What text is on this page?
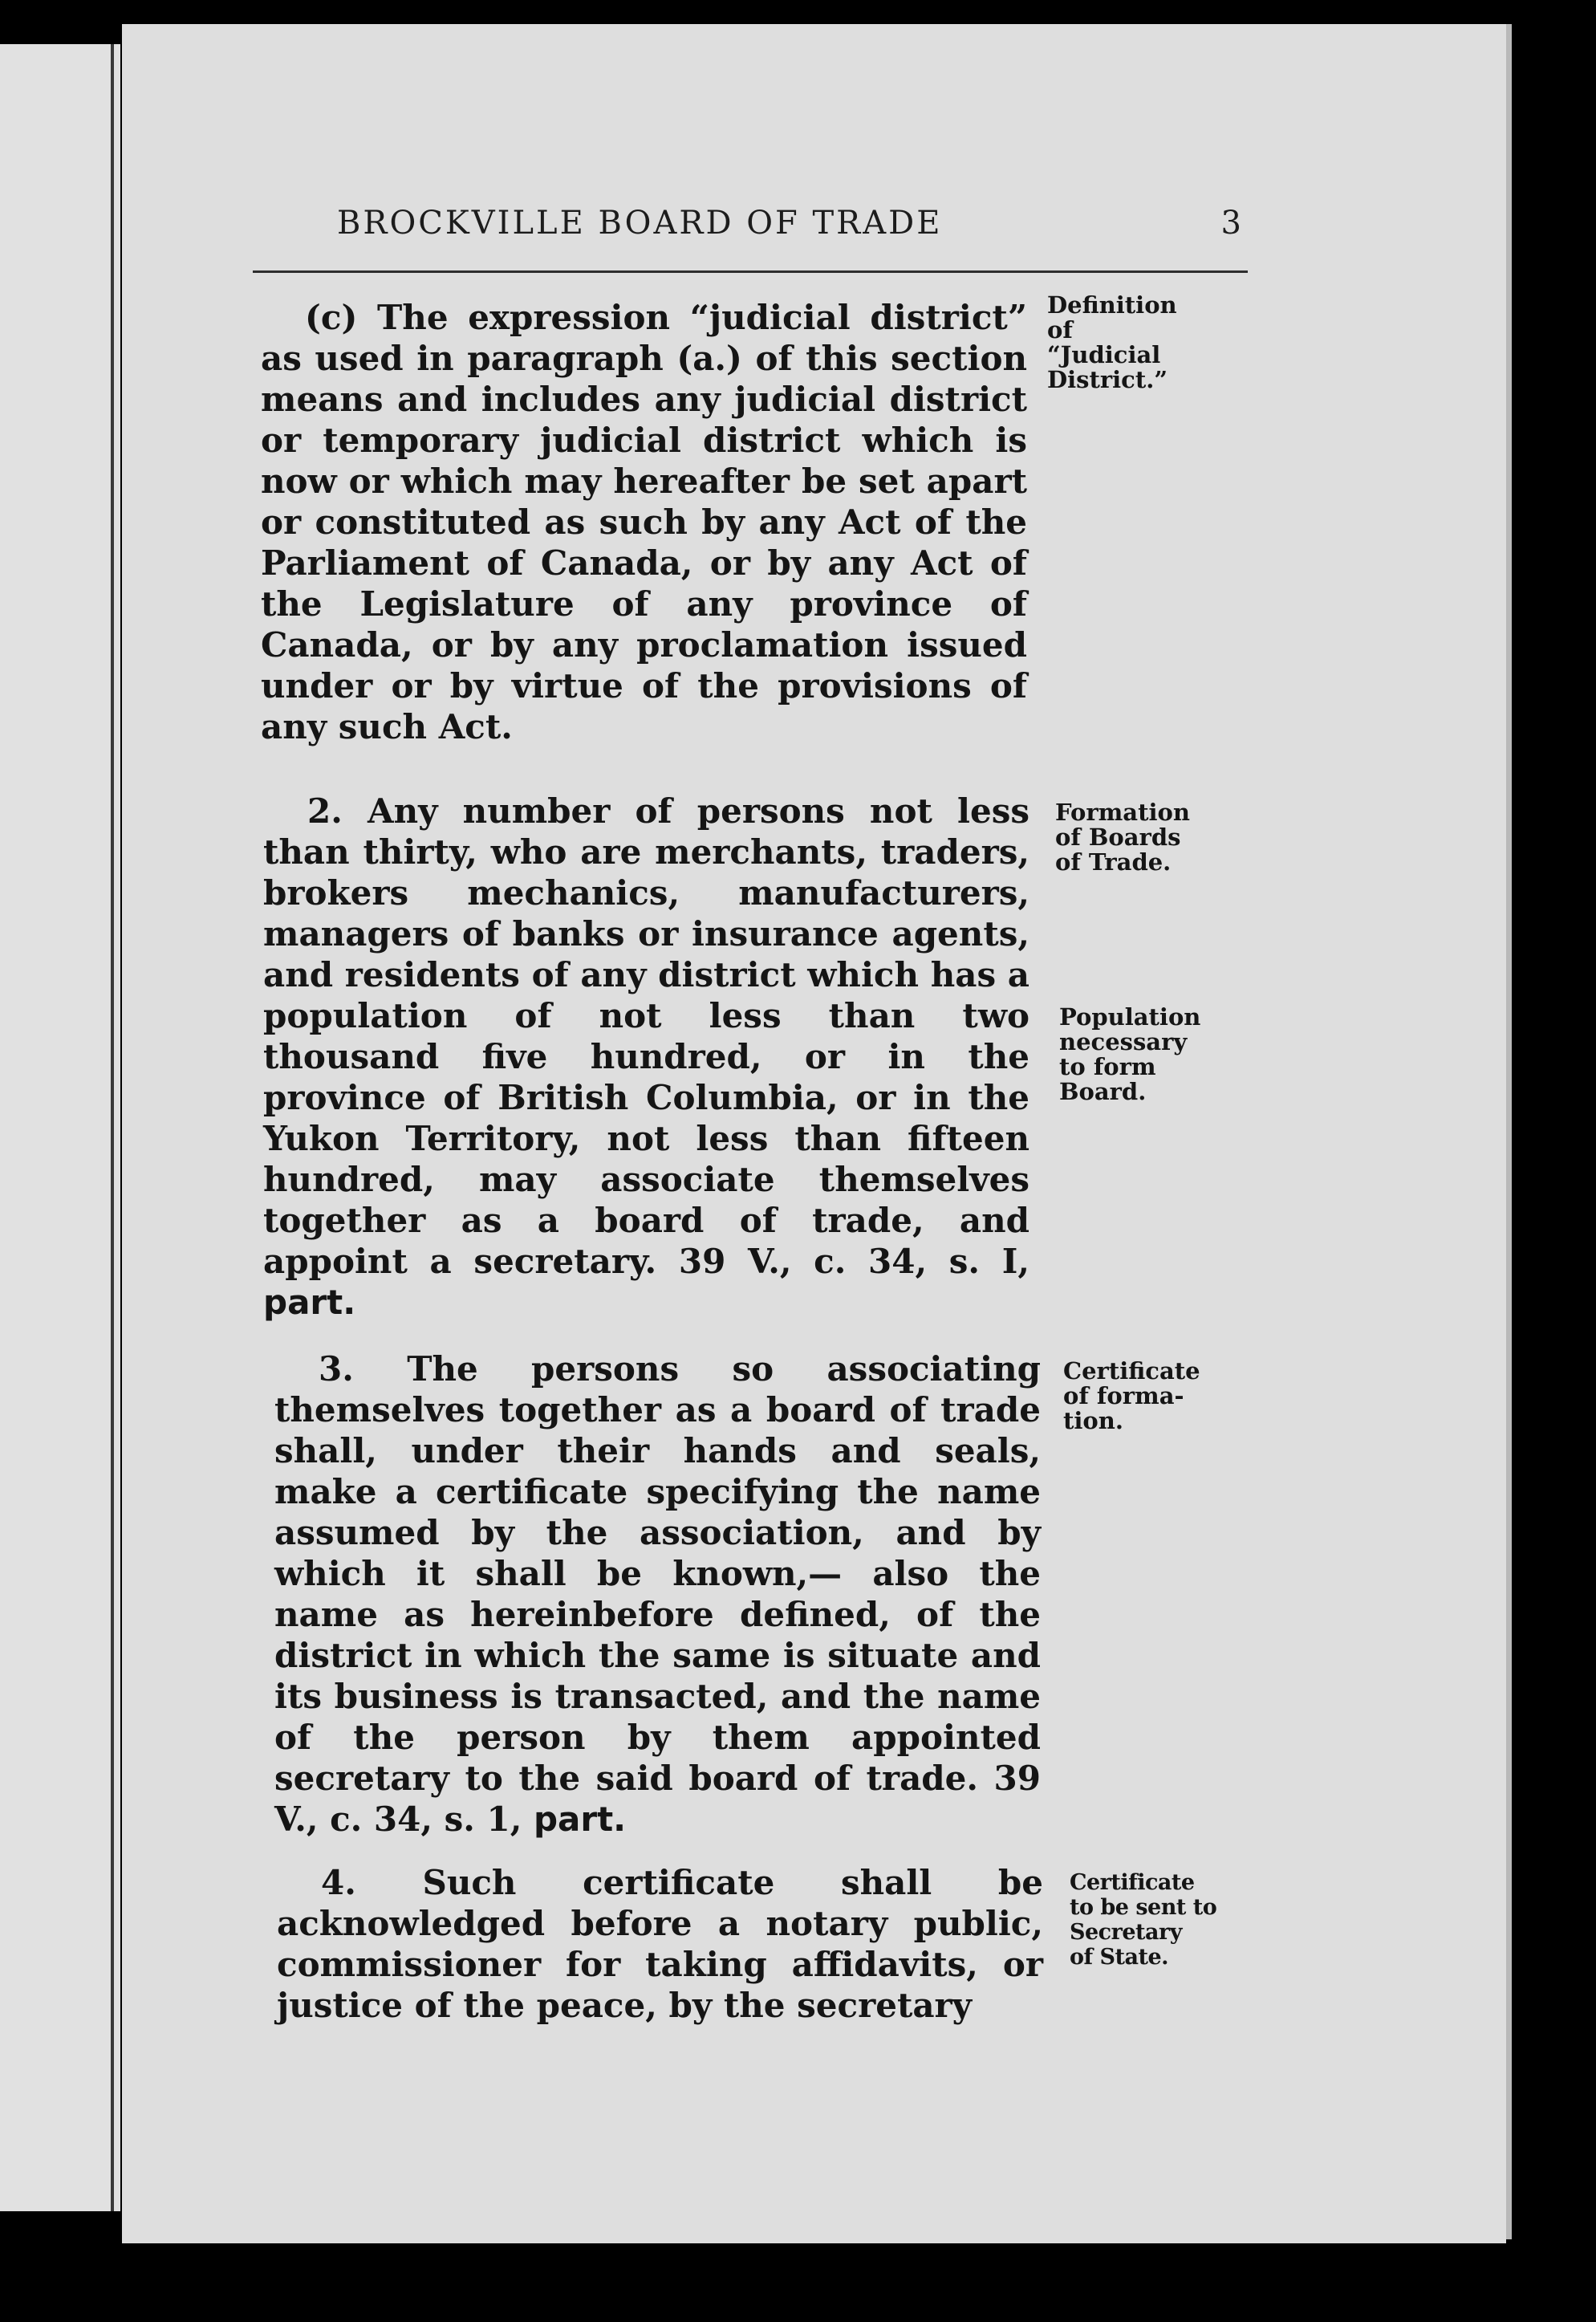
BROCKVILLE BOARD OF TRADE	3

(c) The expression “judicial district” as used in paragraph (a.) of this section means and includes any judicial district or temporary judicial district which is now or which may hereafter be set apart or constituted as such by any Act of the Parliament of Canada, or by any Act of the Legislature of any province of Canada, or by any proclamation issued under or by virtue of the provisions of any such Act.

2. Any number of persons not less than thirty, who are merchants, traders, brokers mechanics, manufacturers, managers of banks or insurance agents, and residents of any district which has a population of not less than two thousand five hundred, or in the province of British Columbia, or in the Yukon Territory, not less than fifteen hundred, may associate themselves together as a board of trade, and appoint a secretary. 39 V., c. 34, s. I, part.

3. The persons so associating themselves together as a board of trade shall, under their hands and seals, make a certificate specifying the name assumed by the association, and by which it shall be known,— also the name as hereinbefore defined, of the district in which the same is situate and its business is transacted, and the name of the person by them appointed secretary to the said board of trade. 39 V., c. 34, s. 1, part.

4. Such certificate shall be acknowledged before a notary public, commissioner for taking affidavits, or justice of the peace, by the secretary

Definition
of
“Judicial
District.”
Formation
of Boards
of Trade.
Population
necessary
to form
Board.
Certificate
of forma-
tion.
Certificate
to be sent to
Secretary
of State.
